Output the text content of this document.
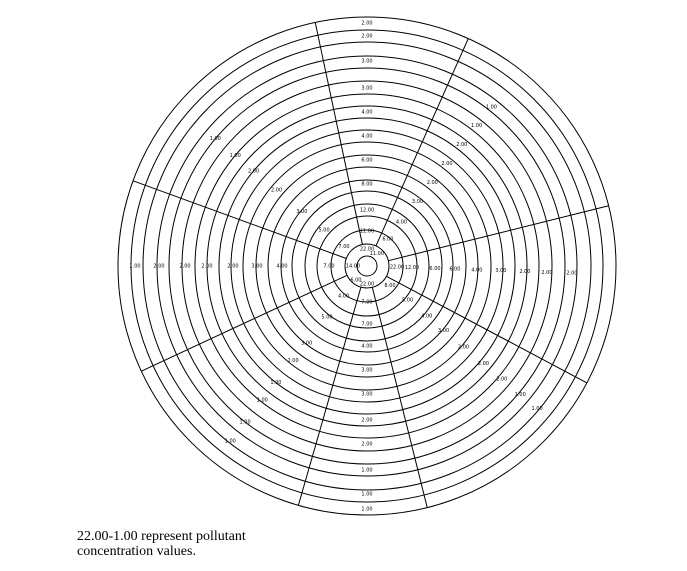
22.00
11.00
12.00
8.00
6.00
4.00
4.00
3.00
3.00
2.00
2.00
11.00
6.00
4.00
3.00
2.00
2.00
2.00
1.00
1.00
22.00 12.00 6.00 6.00 4.00	3.00	2.00 2.00	2.00
8.00
5.00
4.00
3.00
2.00
2.00
2.00
1.00
1.00
22.00
7.00
7.00
4.00
3.00
3.00
2.00
2.00
1.00
1.00
1.00
6.00
4.00
5.00
3.00
2.00
1.00
1.00
1.00
1.00
14.00
7.00
4.00
3.00
2.00
2.00
2.00
2.00
1.00
7.00
5.00
3.00
2.00
2.00
1.00
1.00
22.00-1.00 represent pollutant
concentration values.
